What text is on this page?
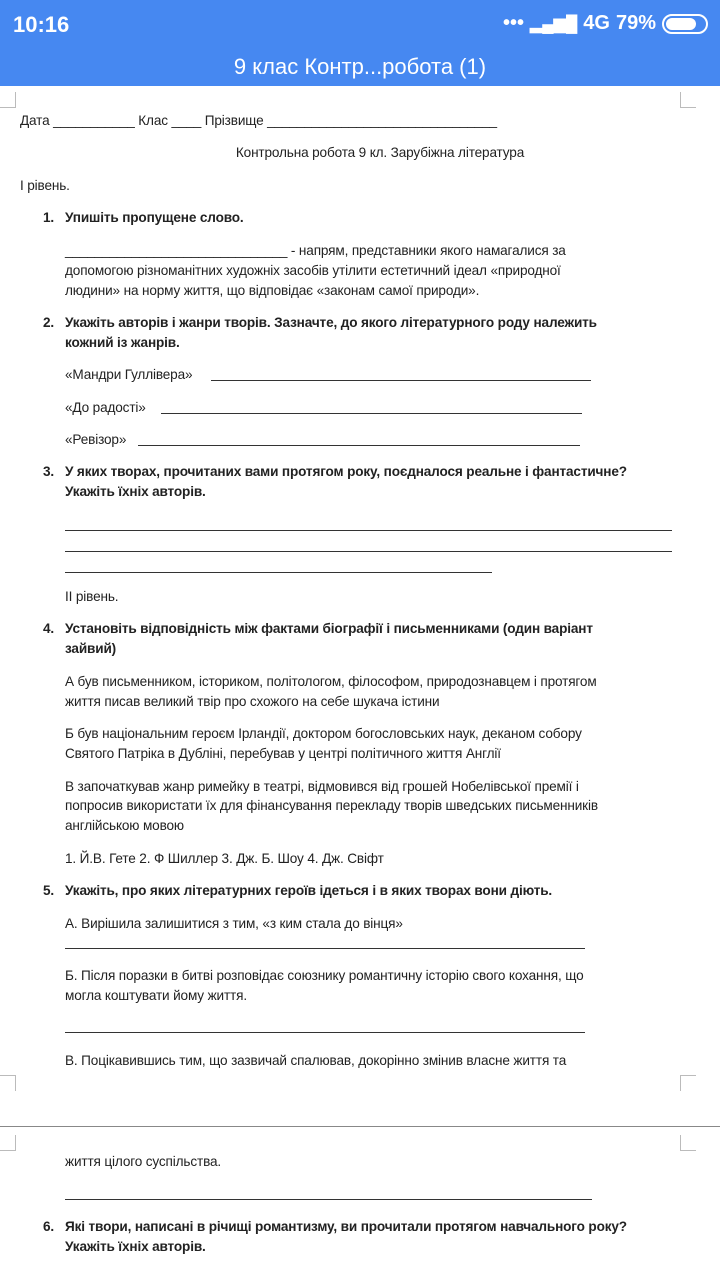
10:16	••• ▂▄▆█ 4G 79%
9 клас Контр...робота (1)
Дата ___________ Клас ____ Прізвище _______________________________
Контрольна робота 9 кл. Зарубіжна література
І рівень.
1. Упишіть пропущене слово.
______________________________ - напрям, представники якого намагалися за
допомогою різноманітних художніх засобів утілити естетичний ідеал «природної
людини» на норму життя, що відповідає «законам самої природи».
2. Укажіть авторів і жанри творів. Зазначте, до якого літературного роду належить
кожний із жанрів.
«Мандри Гуллівера»
«До радості»
«Ревізор»
3. У яких творах, прочитаних вами протягом року, поєдналося реальне і фантастичне?
Укажіть їхніх авторів.
ІІ рівень.
4. Установіть відповідність між фактами біографії і письменниками (один варіант
зайвий)
А був письменником, істориком, політологом, філософом, природознавцем і протягом
життя писав великий твір про схожого на себе шукача істини
Б був національним героєм Ірландії, доктором богословських наук, деканом собору
Святого Патріка в Дубліні, перебував у центрі політичного життя Англії
В започаткував жанр римейку в театрі, відмовився від грошей Нобелівської премії і
попросив використати їх для фінансування перекладу творів шведських письменників
англійською мовою
1. Й.В. Гете 2. Ф Шиллер 3. Дж. Б. Шоу 4. Дж. Свіфт
5. Укажіть, про яких літературних героїв ідеться і в яких творах вони діють.
А. Вирішила залишитися з тим, «з ким стала до вінця»
Б. Після поразки в битві розповідає союзнику романтичну історію свого кохання, що
могла коштувати йому життя.
В. Поцікавившись тим, що зазвичай спалював, докорінно змінив власне життя та
життя цілого суспільства.
6. Які твори, написані в річищі романтизму, ви прочитали протягом навчального року?
Укажіть їхніх авторів.
